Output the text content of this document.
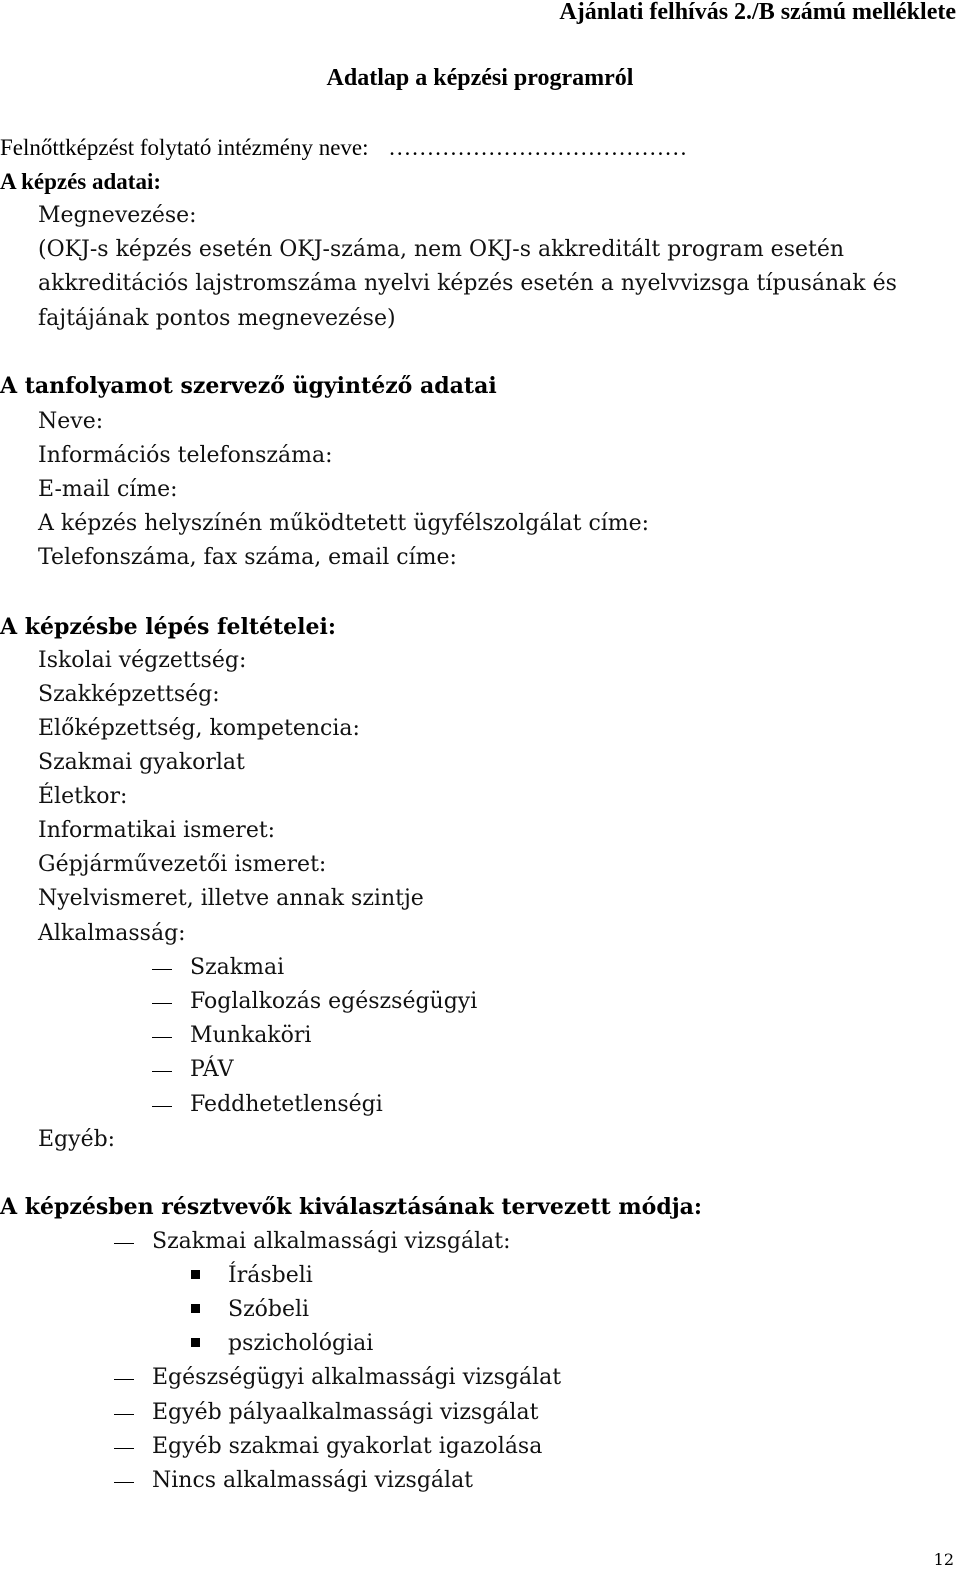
Ajánlati felhívás 2./B számú melléklete
Adatlap a képzési programról
Felnőttképzést folytató intézmény neve: …………………………………
A képzés adatai:
Megnevezése:
(OKJ-s képzés esetén OKJ-száma, nem OKJ-s akkreditált program esetén
akkreditációs lajstromszáma nyelvi képzés esetén a nyelvvizsga típusának és
fajtájának pontos megnevezése)
A tanfolyamot szervező ügyintéző adatai
Neve:
Információs telefonszáma:
E-mail címe:
A képzés helyszínén működtetett ügyfélszolgálat címe:
Telefonszáma, fax száma, email címe:
A képzésbe lépés feltételei:
Iskolai végzettség:
Szakképzettség:
Előképzettség, kompetencia:
Szakmai gyakorlat
Életkor:
Informatikai ismeret:
Gépjárművezetői ismeret:
Nyelvismeret, illetve annak szintje
Alkalmasság:
Szakmai
Foglalkozás egészségügyi
Munkaköri
PÁV
Feddhetetlenségi
Egyéb:
A képzésben résztvevők kiválasztásának tervezett módja:
Szakmai alkalmassági vizsgálat:
Írásbeli
Szóbeli
pszichológiai
Egészségügyi alkalmassági vizsgálat
Egyéb pályaalkalmassági vizsgálat
Egyéb szakmai gyakorlat igazolása
Nincs alkalmassági vizsgálat
12
